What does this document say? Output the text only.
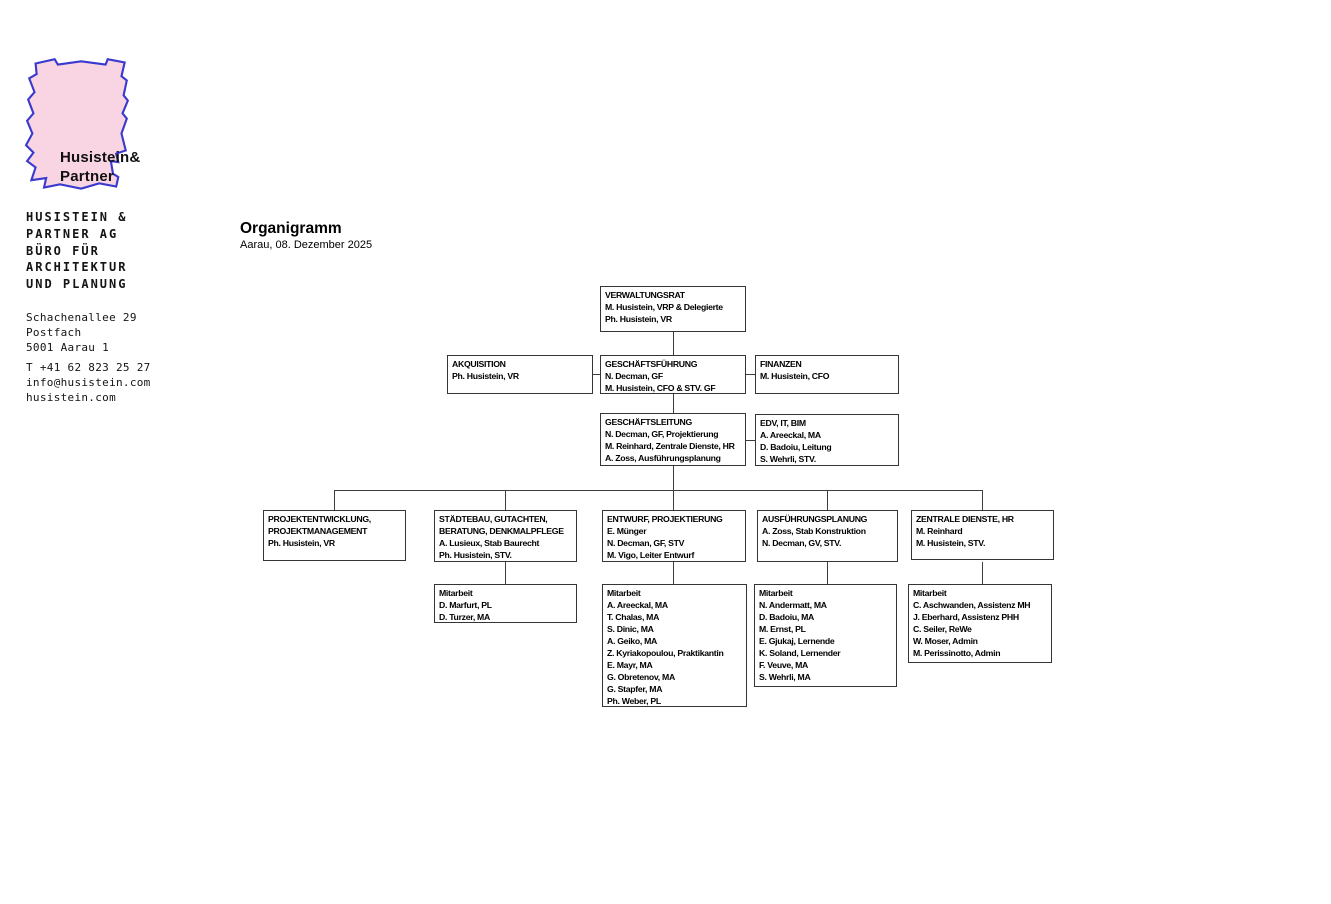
Husistein&
Partner
HUSISTEIN &
PARTNER AG
BÜRO FÜR
ARCHITEKTUR
UND PLANUNG
Schachenallee 29
Postfach
5001 Aarau 1
T +41 62 823 25 27
info@husistein.com
husistein.com
Organigramm
Aarau, 08. Dezember 2025
VERWALTUNGSRAT
M. Husistein, VRP & Delegierte
Ph. Husistein, VR
AKQUISITION
Ph. Husistein, VR
GESCHÄFTSFÜHRUNG
N. Decman, GF
M. Husistein, CFO & STV. GF
FINANZEN
M. Husistein, CFO
GESCHÄFTSLEITUNG
N. Decman, GF, Projektierung
M. Reinhard, Zentrale Dienste, HR
A. Zoss, Ausführungsplanung
EDV, IT, BIM
A. Areeckal, MA
D. Badoiu, Leitung
S. Wehrli, STV.
PROJEKTENTWICKLUNG,
PROJEKTMANAGEMENT
Ph. Husistein, VR
STÄDTEBAU, GUTACHTEN,
BERATUNG, DENKMALPFLEGE
A. Lusieux, Stab Baurecht
Ph. Husistein, STV.
ENTWURF, PROJEKTIERUNG
E. Münger
N. Decman, GF, STV
M. Vigo, Leiter Entwurf
AUSFÜHRUNGSPLANUNG
A. Zoss, Stab Konstruktion
N. Decman, GV, STV.
ZENTRALE DIENSTE, HR
M. Reinhard
M. Husistein, STV.
Mitarbeit
D. Marfurt, PL
D. Turzer, MA
Mitarbeit
A. Areeckal, MA
T. Chalas, MA
S. Dinic, MA
A. Geiko, MA
Z. Kyriakopoulou, Praktikantin
E. Mayr, MA
G. Obretenov, MA
G. Stapfer, MA
Ph. Weber, PL
Mitarbeit
N. Andermatt, MA
D. Badoiu, MA
M. Ernst, PL
E. Gjukaj, Lernende
K. Soland, Lernender
F. Veuve, MA
S. Wehrli, MA
Mitarbeit
C. Aschwanden, Assistenz MH
J. Eberhard, Assistenz PHH
C. Seiler, ReWe
W. Moser, Admin
M. Perissinotto, Admin
